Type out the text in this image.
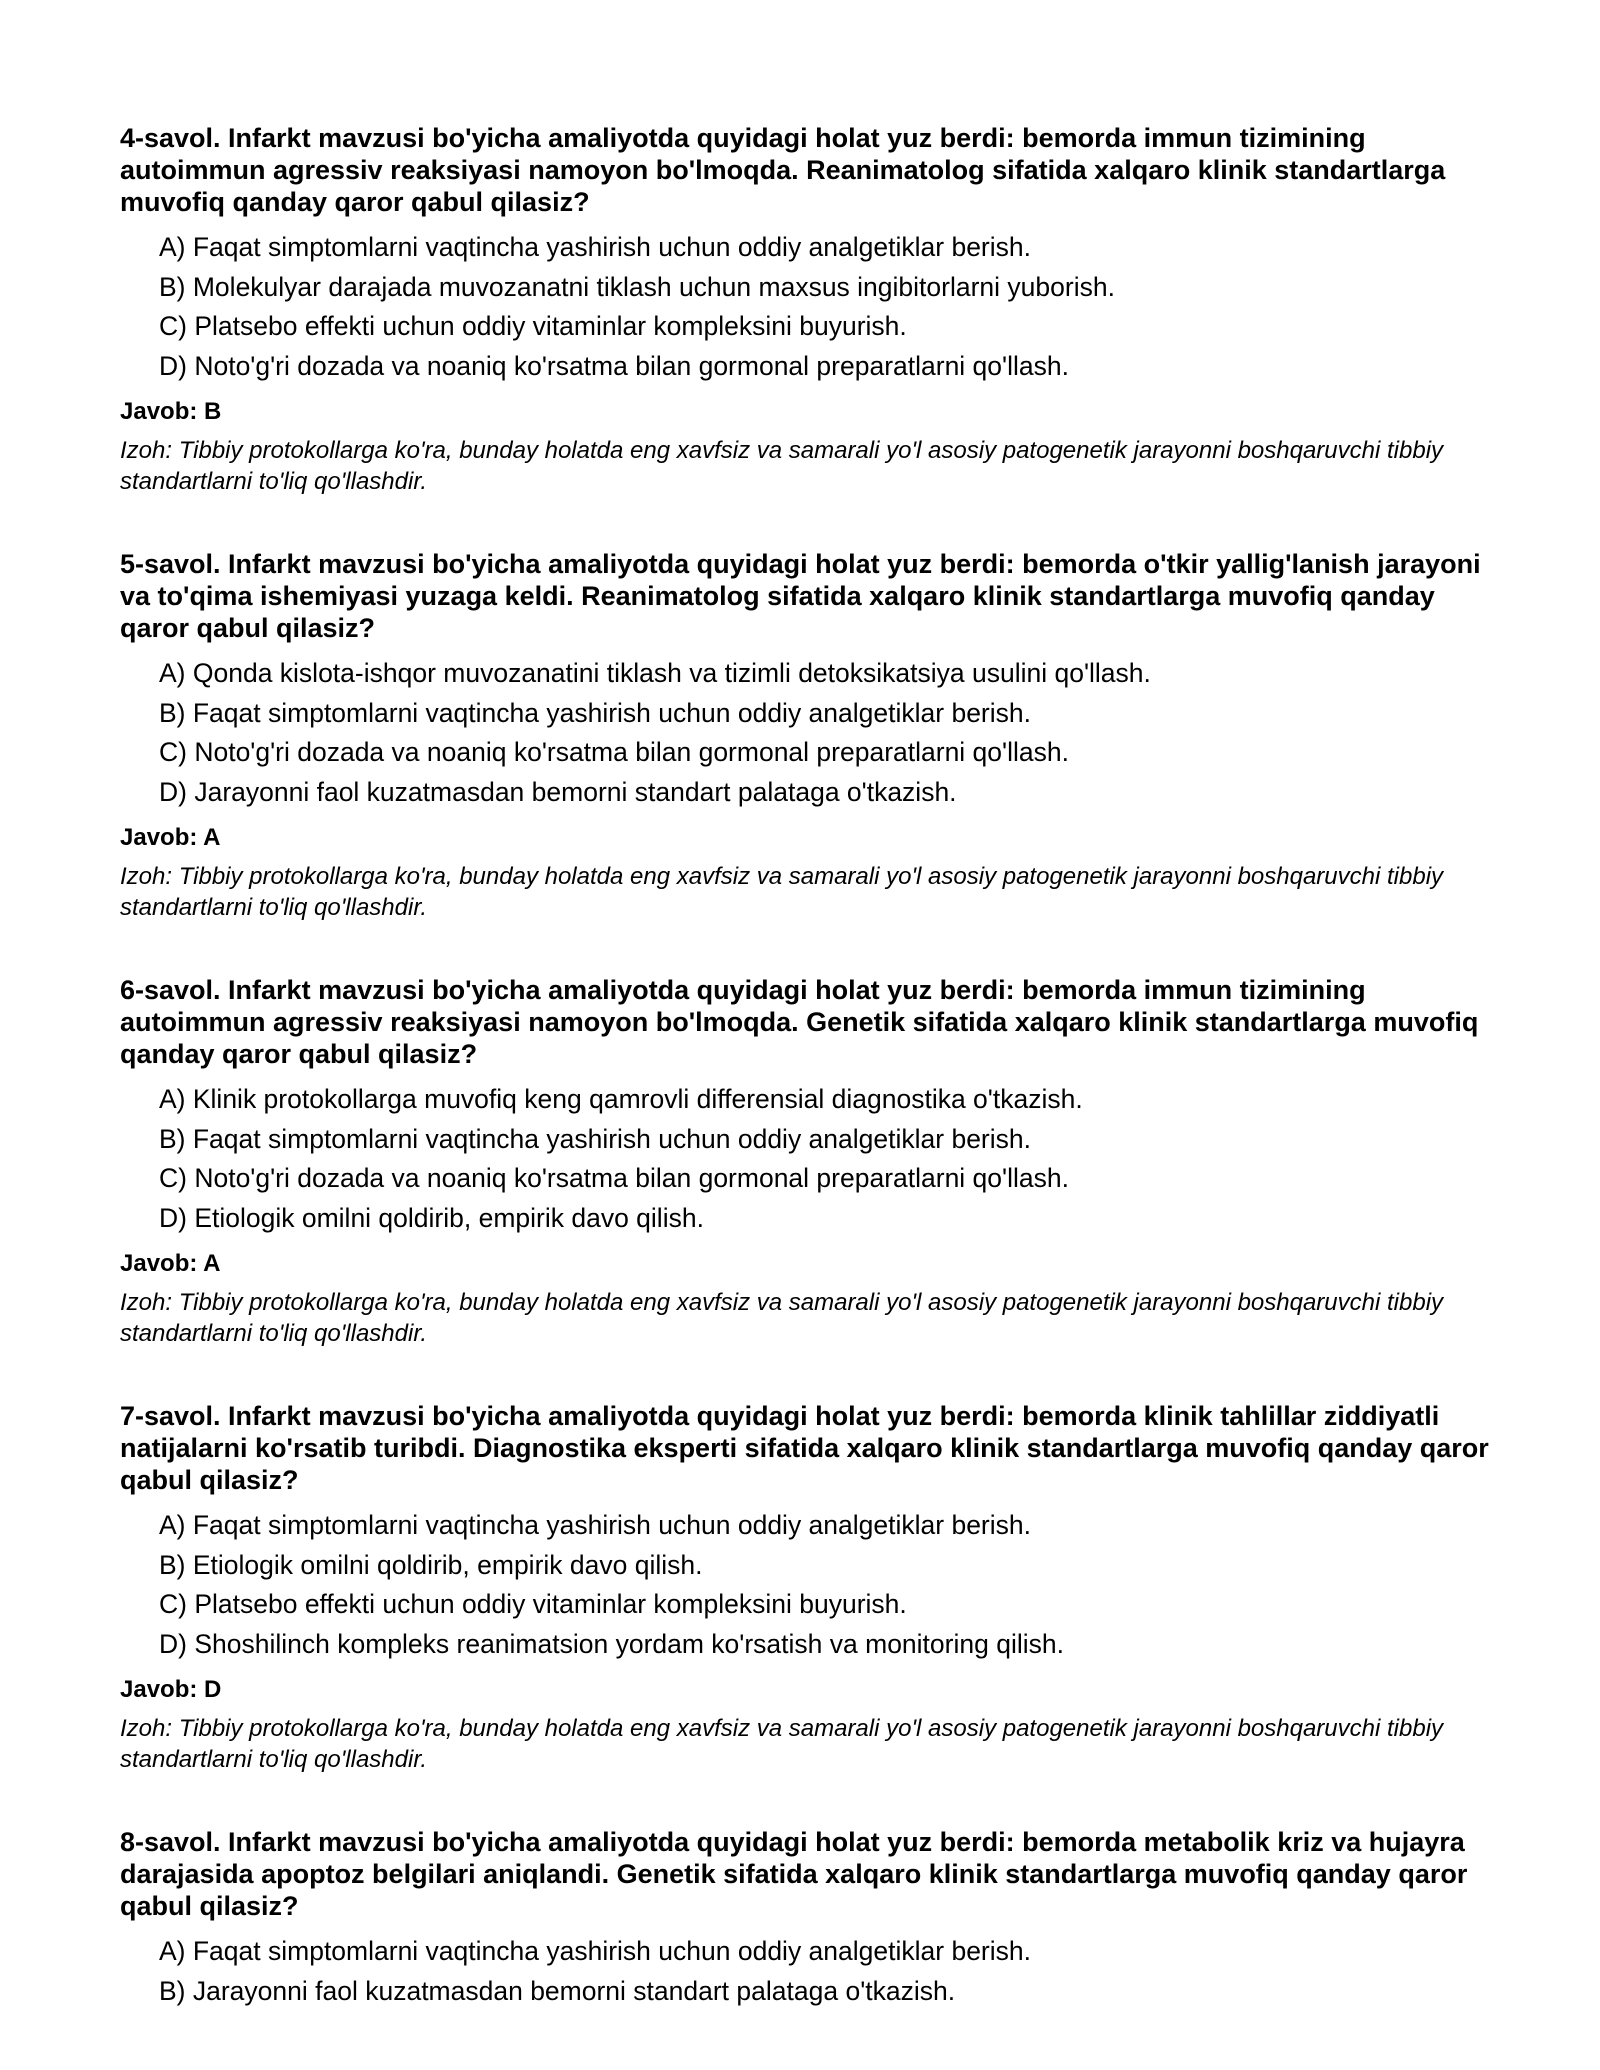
4-savol. Infarkt mavzusi bo'yicha amaliyotda quyidagi holat yuz berdi: bemorda immun tizimining autoimmun agressiv reaksiyasi namoyon bo'lmoqda. Reanimatolog sifatida xalqaro klinik standartlarga muvofiq qanday qaror qabul qilasiz?
A) Faqat simptomlarni vaqtincha yashirish uchun oddiy analgetiklar berish.
B) Molekulyar darajada muvozanatni tiklash uchun maxsus ingibitorlarni yuborish.
C) Platsebo effekti uchun oddiy vitaminlar kompleksini buyurish.
D) Noto'g'ri dozada va noaniq ko'rsatma bilan gormonal preparatlarni qo'llash.
Javob: B

Izoh: Tibbiy protokollarga ko'ra, bunday holatda eng xavfsiz va samarali yo'l asosiy patogenetik jarayonni boshqaruvchi tibbiy standartlarni to'liq qo'llashdir.

5-savol. Infarkt mavzusi bo'yicha amaliyotda quyidagi holat yuz berdi: bemorda o'tkir yallig'lanish jarayoni va to'qima ishemiyasi yuzaga keldi. Reanimatolog sifatida xalqaro klinik standartlarga muvofiq qanday qaror qabul qilasiz?
A) Qonda kislota-ishqor muvozanatini tiklash va tizimli detoksikatsiya usulini qo'llash.
B) Faqat simptomlarni vaqtincha yashirish uchun oddiy analgetiklar berish.
C) Noto'g'ri dozada va noaniq ko'rsatma bilan gormonal preparatlarni qo'llash.
D) Jarayonni faol kuzatmasdan bemorni standart palataga o'tkazish.
Javob: A

Izoh: Tibbiy protokollarga ko'ra, bunday holatda eng xavfsiz va samarali yo'l asosiy patogenetik jarayonni boshqaruvchi tibbiy standartlarni to'liq qo'llashdir.

6-savol. Infarkt mavzusi bo'yicha amaliyotda quyidagi holat yuz berdi: bemorda immun tizimining autoimmun agressiv reaksiyasi namoyon bo'lmoqda. Genetik sifatida xalqaro klinik standartlarga muvofiq qanday qaror qabul qilasiz?
A) Klinik protokollarga muvofiq keng qamrovli differensial diagnostika o'tkazish.
B) Faqat simptomlarni vaqtincha yashirish uchun oddiy analgetiklar berish.
C) Noto'g'ri dozada va noaniq ko'rsatma bilan gormonal preparatlarni qo'llash.
D) Etiologik omilni qoldirib, empirik davo qilish.
Javob: A

Izoh: Tibbiy protokollarga ko'ra, bunday holatda eng xavfsiz va samarali yo'l asosiy patogenetik jarayonni boshqaruvchi tibbiy standartlarni to'liq qo'llashdir.

7-savol. Infarkt mavzusi bo'yicha amaliyotda quyidagi holat yuz berdi: bemorda klinik tahlillar ziddiyatli natijalarni ko'rsatib turibdi. Diagnostika eksperti sifatida xalqaro klinik standartlarga muvofiq qanday qaror qabul qilasiz?
A) Faqat simptomlarni vaqtincha yashirish uchun oddiy analgetiklar berish.
B) Etiologik omilni qoldirib, empirik davo qilish.
C) Platsebo effekti uchun oddiy vitaminlar kompleksini buyurish.
D) Shoshilinch kompleks reanimatsion yordam ko'rsatish va monitoring qilish.
Javob: D

Izoh: Tibbiy protokollarga ko'ra, bunday holatda eng xavfsiz va samarali yo'l asosiy patogenetik jarayonni boshqaruvchi tibbiy standartlarni to'liq qo'llashdir.

8-savol. Infarkt mavzusi bo'yicha amaliyotda quyidagi holat yuz berdi: bemorda metabolik kriz va hujayra darajasida apoptoz belgilari aniqlandi. Genetik sifatida xalqaro klinik standartlarga muvofiq qanday qaror qabul qilasiz?
A) Faqat simptomlarni vaqtincha yashirish uchun oddiy analgetiklar berish.
B) Jarayonni faol kuzatmasdan bemorni standart palataga o'tkazish.
